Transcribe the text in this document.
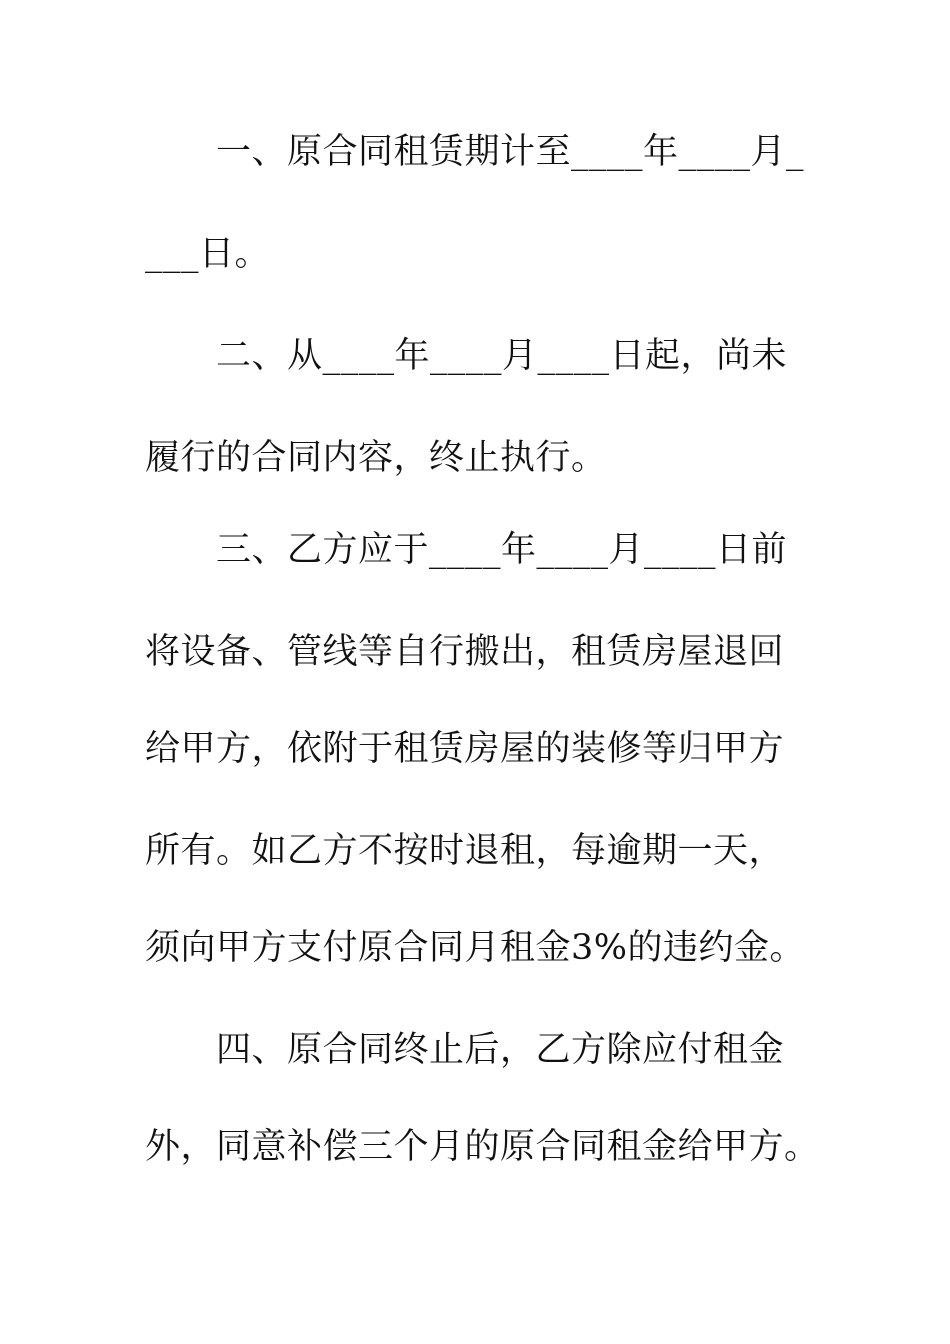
　　一、原合同租赁期计至____年____月_
___日。
　　二、从____年____月____日起，尚未
履行的合同内容，终止执行。
　　三、乙方应于____年____月____日前
将设备、管线等自行搬出，租赁房屋退回
给甲方，依附于租赁房屋的装修等归甲方
所有。如乙方不按时退租，每逾期一天，
须向甲方支付原合同月租金3%的违约金。
　　四、原合同终止后，乙方除应付租金
外，同意补偿三个月的原合同租金给甲方。
